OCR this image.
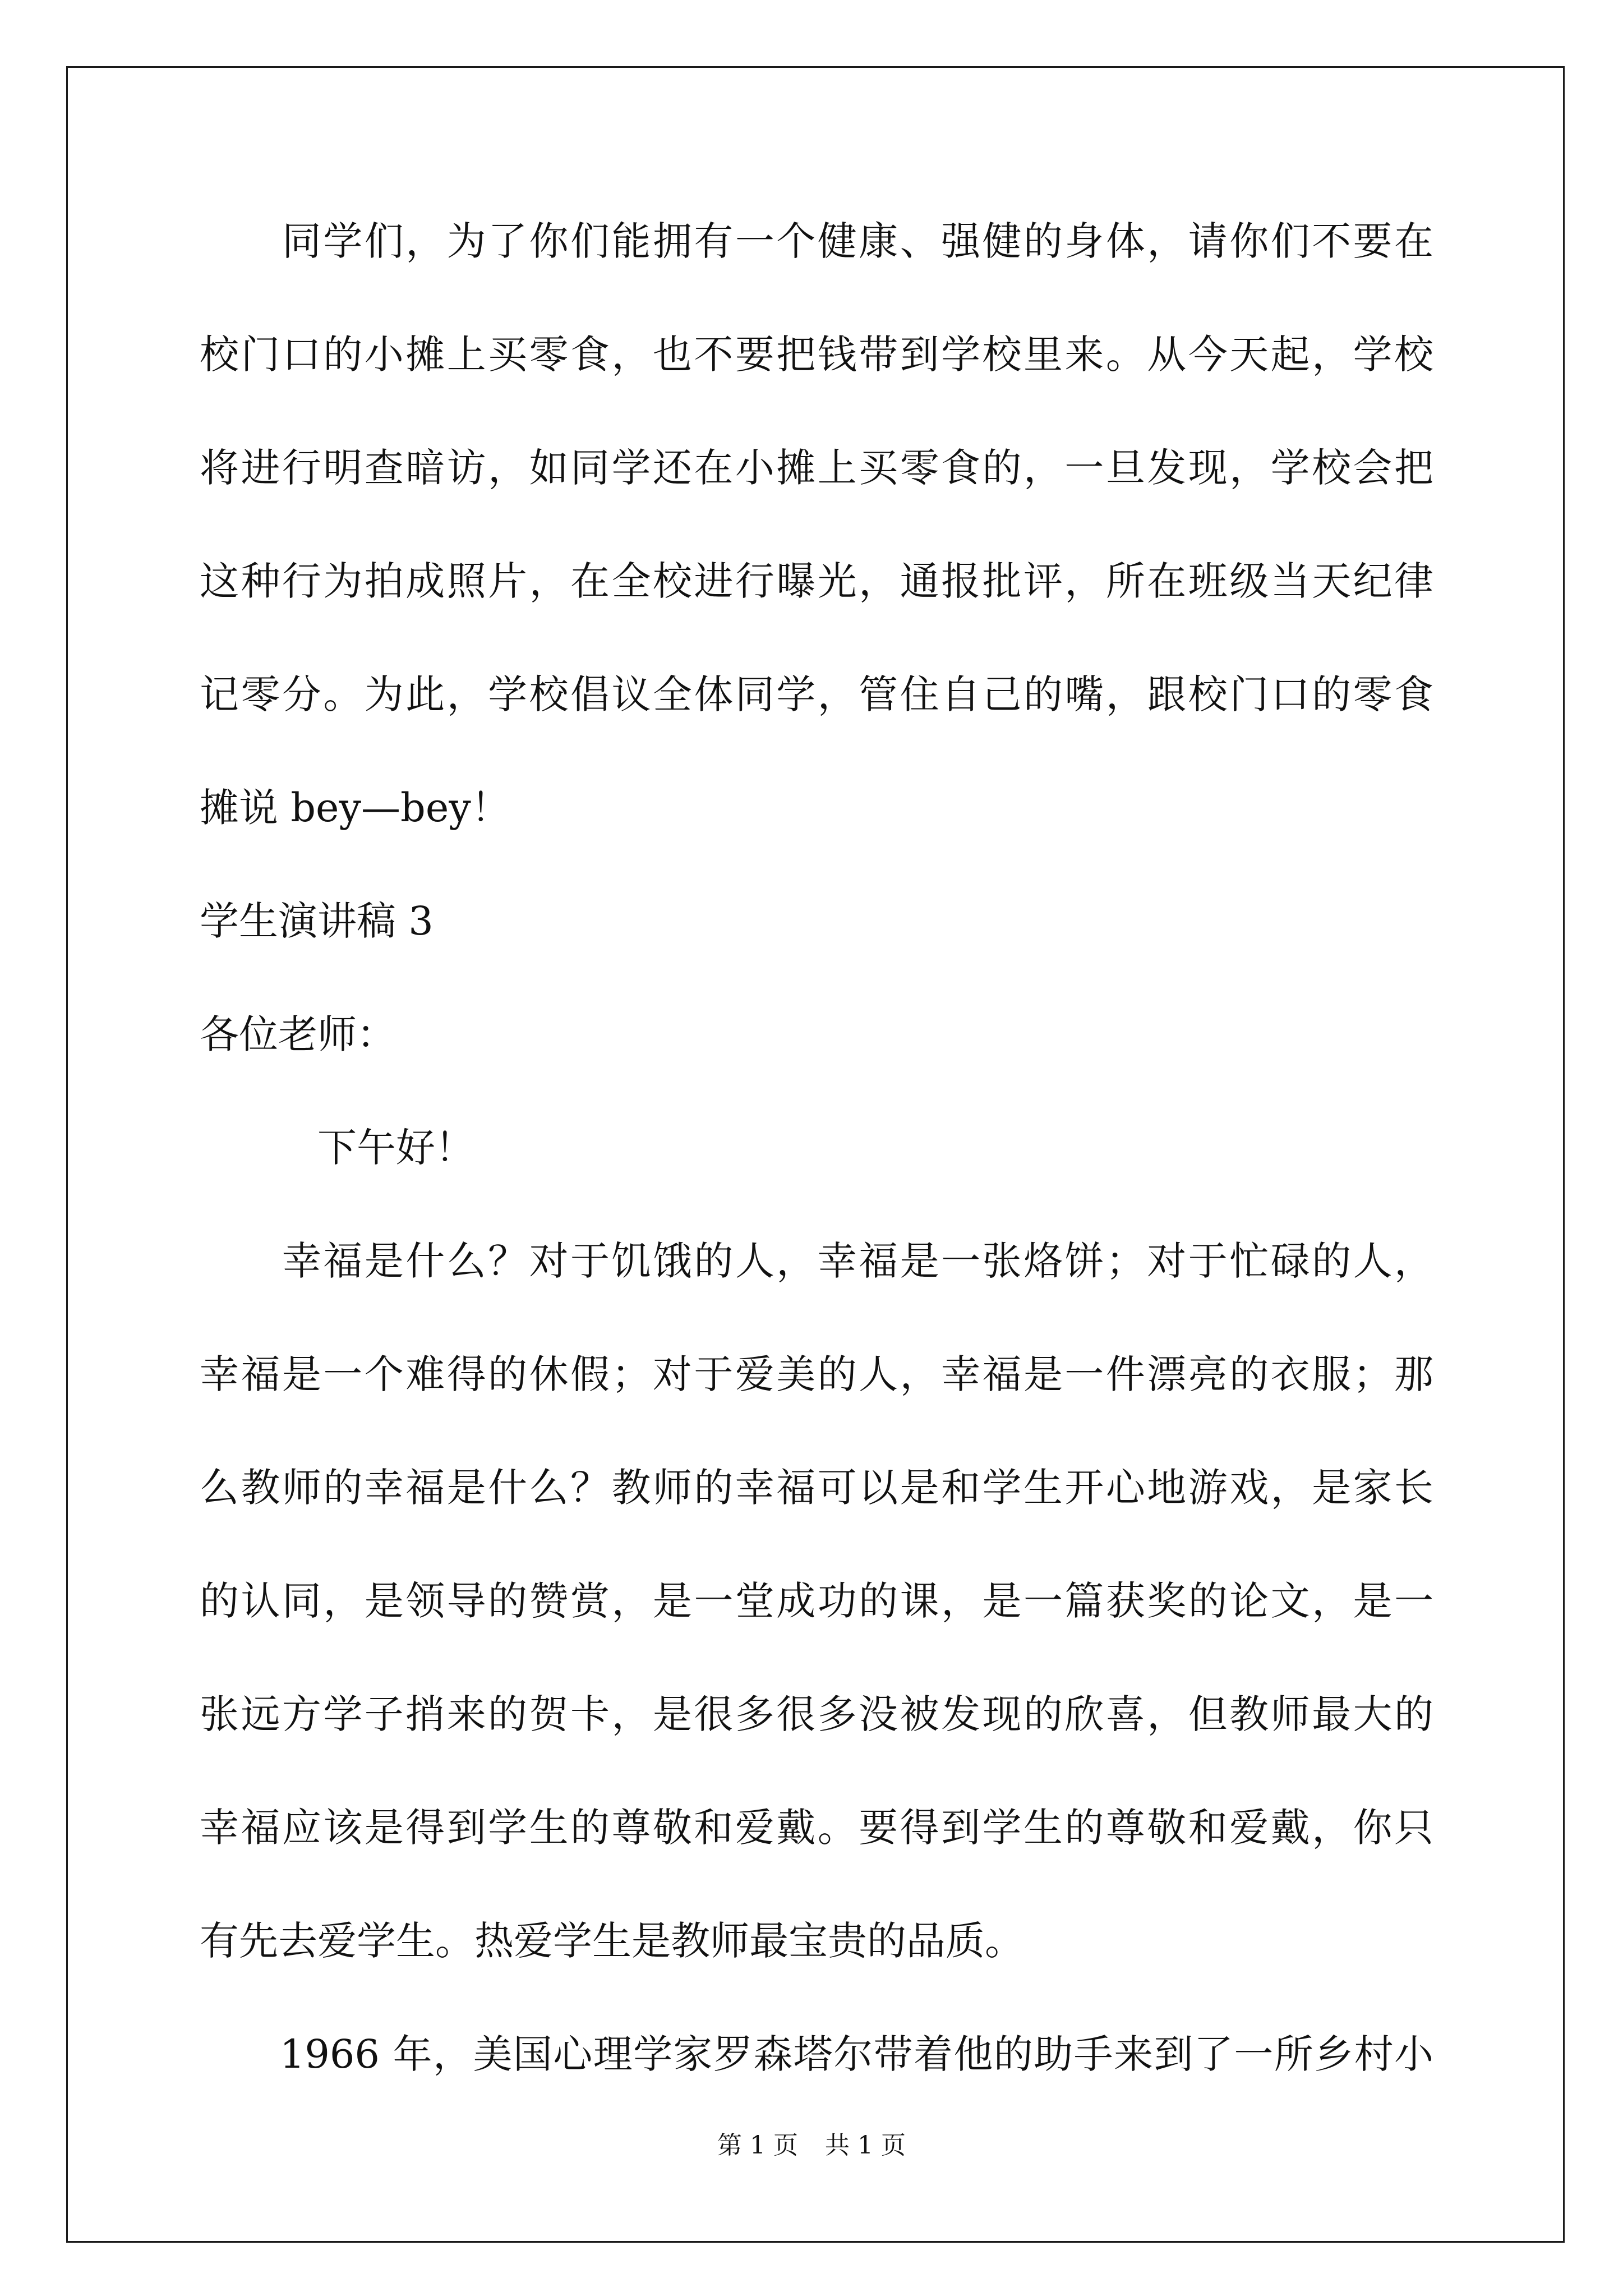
　　同学们，为了你们能拥有一个健康、强健的身体，请你们不要在
校门口的小摊上买零食，也不要把钱带到学校里来。从今天起，学校
将进行明查暗访，如同学还在小摊上买零食的，一旦发现，学校会把
这种行为拍成照片，在全校进行曝光，通报批评，所在班级当天纪律
记零分。为此，学校倡议全体同学，管住自己的嘴，跟校门口的零食
摊说 bey—bey！
学生演讲稿 3
各位老师：
　　　下午好！
　　幸福是什么？对于饥饿的人，幸福是一张烙饼；对于忙碌的人，
幸福是一个难得的休假；对于爱美的人，幸福是一件漂亮的衣服；那
么教师的幸福是什么？教师的幸福可以是和学生开心地游戏，是家长
的认同，是领导的赞赏，是一堂成功的课，是一篇获奖的论文，是一
张远方学子捎来的贺卡，是很多很多没被发现的欣喜，但教师最大的
幸福应该是得到学生的尊敬和爱戴。要得到学生的尊敬和爱戴，你只
有先去爱学生。热爱学生是教师最宝贵的品质。
　　1966 年，美国心理学家罗森塔尔带着他的助手来到了一所乡村小
第 1 页 共 1 页
